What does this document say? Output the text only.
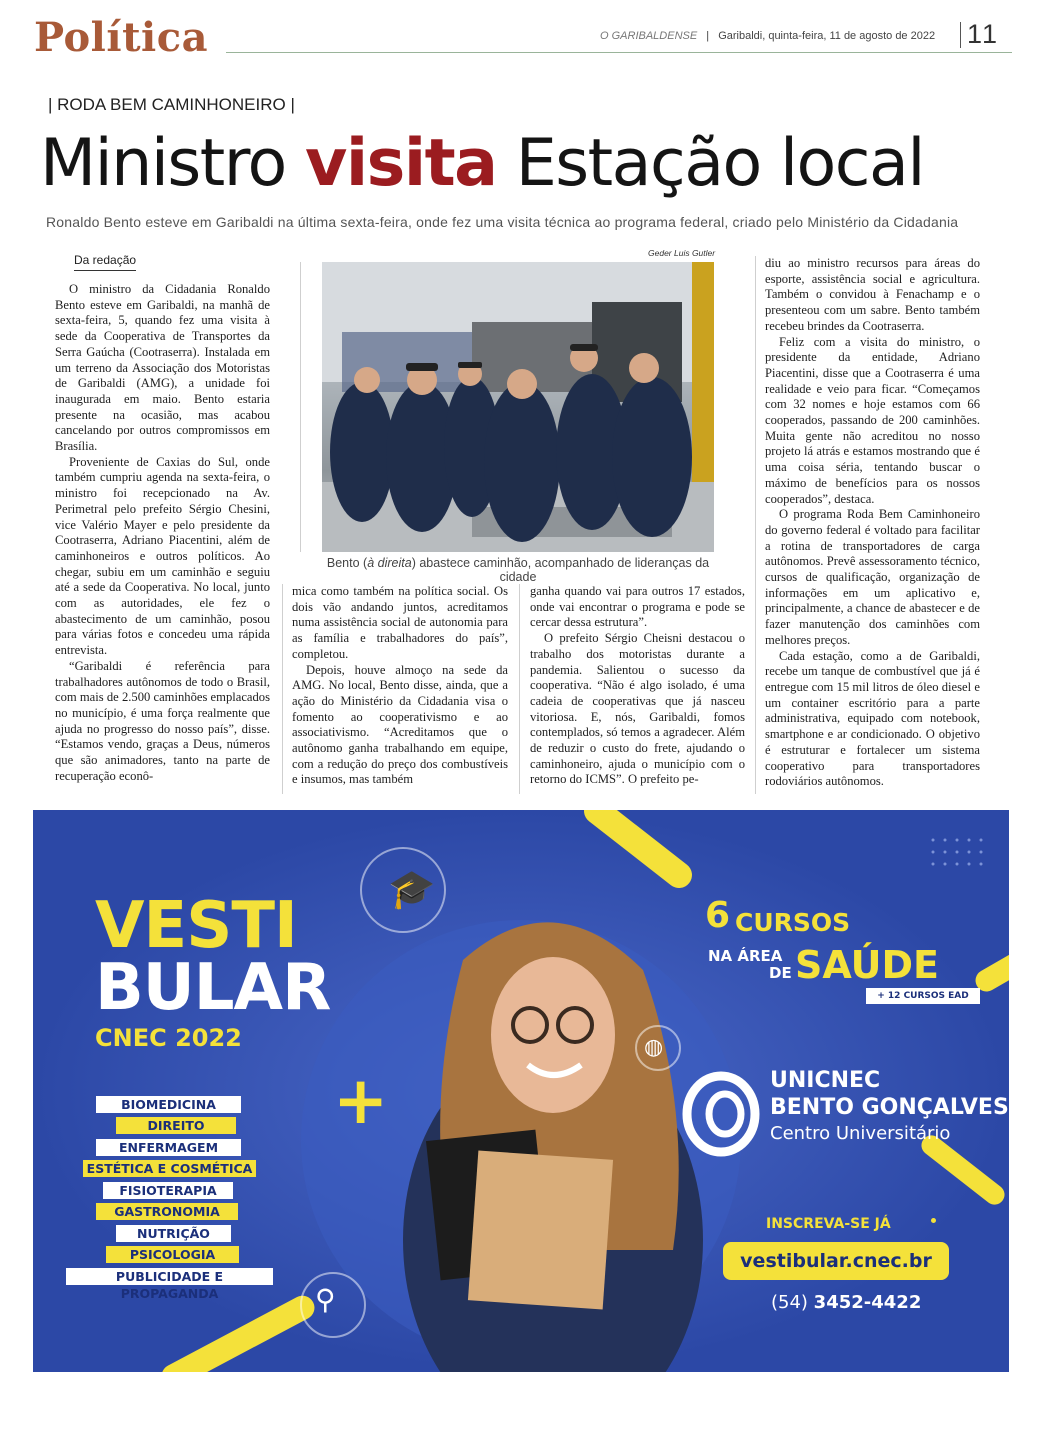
Política	O GARIBALDENSE | Garibaldi, quinta-feira, 11 de agosto de 2022 11
| RODA BEM CAMINHONEIRO |
Ministro visita Estação local
Ronaldo Bento esteve em Garibaldi na última sexta-feira, onde fez uma visita técnica ao programa federal, criado pelo Ministério da Cidadania
Da redação

O ministro da Cidadania Ronaldo Bento esteve em Garibaldi, na manhã de sexta-feira, 5, quando fez uma visita à sede da Cooperativa de Transportes da Serra Gaúcha (Cootraserra). Instalada em um terreno da Associação dos Motoristas de Garibaldi (AMG), a unidade foi inaugurada em maio. Bento estaria presente na ocasião, mas acabou cancelando por outros compromissos em Brasília.

Proveniente de Caxias do Sul, onde também cumpriu agenda na sexta-feira, o ministro foi recepcionado na Av. Perimetral pelo prefeito Sérgio Chesini, vice Valério Mayer e pelo presidente da Cootraserra, Adriano Piacentini, além de caminhoneiros e outros políticos. Ao chegar, subiu em um caminhão e seguiu até a sede da Cooperativa. No local, junto com as autoridades, ele fez o abastecimento de um caminhão, posou para várias fotos e concedeu uma rápida entrevista.

“Garibaldi é referência para trabalhadores autônomos de todo o Brasil, com mais de 2.500 caminhões emplacados no município, é uma força realmente que ajuda no progresso do nosso país”, disse. “Estamos vendo, graças a Deus, números que são animadores, tanto na parte de recuperação econô-

Geder Luis Gutler
Bento (à direita) abastece caminhão, acompanhado de lideranças da cidade

mica como também na política social. Os dois vão andando juntos, acreditamos numa assistência social de autonomia para as família e trabalhadores do país”, completou.

Depois, houve almoço na sede da AMG. No local, Bento disse, ainda, que a ação do Ministério da Cidadania visa o fomento ao cooperativismo e ao associativismo. “Acreditamos que o autônomo ganha trabalhando em equipe, com a redução do preço dos combustíveis e insumos, mas também

ganha quando vai para outros 17 estados, onde vai encontrar o programa e pode se cercar dessa estrutura”.

O prefeito Sérgio Cheisni destacou o trabalho dos motoristas durante a pandemia. Salientou o sucesso da cooperativa. “Não é algo isolado, é uma cadeia de cooperativas que já nasceu vitoriosa. E, nós, Garibaldi, fomos contemplados, só temos a agradecer. Além de reduzir o custo do frete, ajudando o caminhoneiro, ajuda o município com o retorno do ICMS”. O prefeito pe-

diu ao ministro recursos para áreas do esporte, assistência social e agricultura. Também o convidou à Fenachamp e o presenteou com um sabre. Bento também recebeu brindes da Cootraserra.

Feliz com a visita do ministro, o presidente da entidade, Adriano Piacentini, disse que a Cootraserra é uma realidade e veio para ficar. “Começamos com 32 nomes e hoje estamos com 66 cooperados, passando de 200 caminhões. Muita gente não acreditou no nosso projeto lá atrás e estamos mostrando que é uma coisa séria, tentando buscar o máximo de benefícios para os nossos cooperados”, destaca.

O programa Roda Bem Caminhoneiro do governo federal é voltado para facilitar a rotina de transportadores de carga autônomos. Prevê assessoramento técnico, cursos de qualificação, organização de informações em um aplicativo e, principalmente, a chance de abastecer e de fazer manutenção dos caminhões com melhores preços.

Cada estação, como a de Garibaldi, recebe um tanque de combustível que já é entregue com 15 mil litros de óleo diesel e um container escritório para a parte administrativa, equipado com notebook, smartphone e ar condicionado. O objetivo é estruturar e fortalecer um sistema cooperativo para transportadores rodoviários autônomos.

🎓
◍
⚲
+
VESTI
BULAR
CNEC 2022
BIOMEDICINA
DIREITO
ENFERMAGEM
ESTÉTICA E COSMÉTICA
FISIOTERAPIA
GASTRONOMIA
NUTRIÇÃO
PSICOLOGIA
PUBLICIDADE E PROPAGANDA
6 CURSOS
NA ÁREA
DE SAÚDE
+ 12 CURSOS EAD
UNICNEC
BENTO GONÇALVES
Centro Universitário
INSCREVA-SE JÁ
vestibular.cnec.br
(54) 3452-4422
